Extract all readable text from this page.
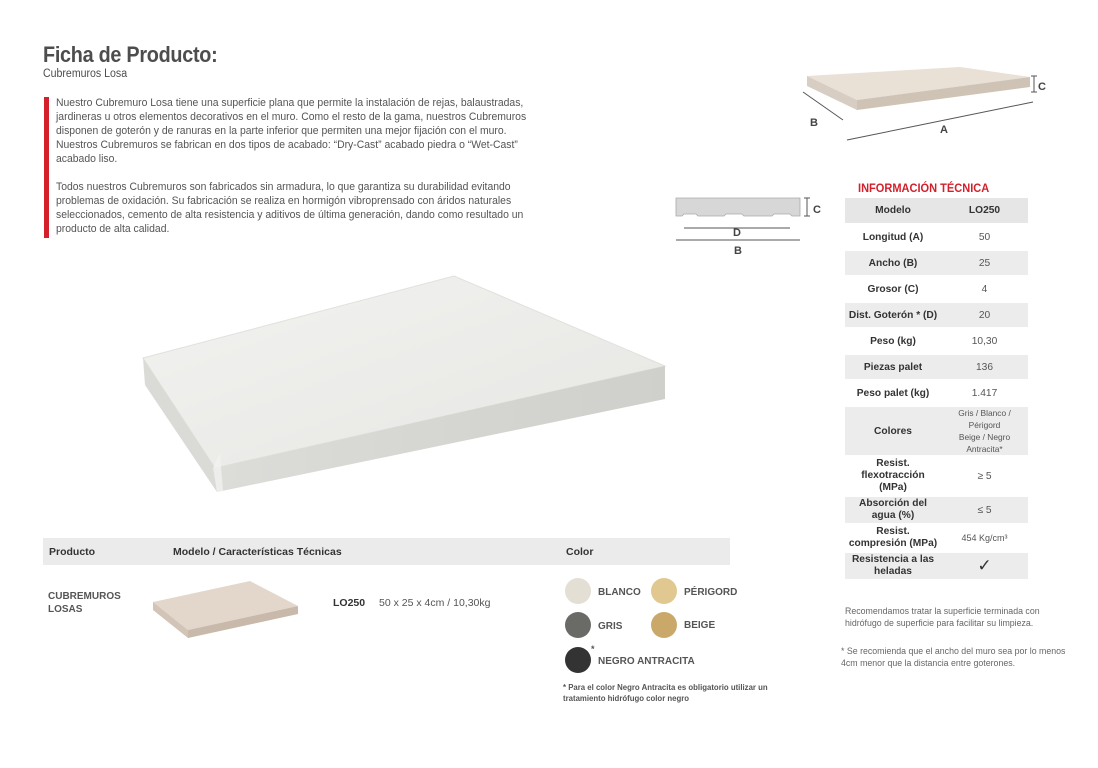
Ficha de Producto:
Cubremuros Losa

Nuestro Cubremuro Losa tiene una superficie plana que permite la instalación de rejas, balaustradas, jardineras u otros elementos decorativos en el muro. Como el resto de la gama, nuestros Cubremuros disponen de goterón y de ranuras en la parte inferior que permiten una mejor fijación con el muro. Nuestros Cubremuros se fabrican en dos tipos de acabado: “Dry-Cast” acabado piedra o “Wet-Cast” acabado liso.

Todos nuestros Cubremuros son fabricados sin armadura, lo que garantiza su durabilidad evitando problemas de oxidación. Su fabricación se realiza en hormigón vibroprensado con áridos naturales seleccionados, cemento de alta resistencia y aditivos de última generación, dando como resultado un producto de alta calidad.

B
A
C
C
D
B
INFORMACIÓN TÉCNICA
Modelo	LO250
Longitud (A)	50
Ancho (B)	25
Grosor (C)	4
Dist. Goterón * (D)	20
Peso (kg)	10,30
Piezas palet	136
Peso palet (kg)	1.417
Colores	Gris / Blanco / Périgord
Beige / Negro Antracita*

Resist. flexotracción (MPa)	≥ 5
Absorción del agua (%)	≤ 5
Resist. compresión (MPa)	454 Kg/cm³
Resistencia a las heladas	✓
Recomendamos tratar la superficie terminada con hidrófugo de superficie para facilitar su limpieza.
* Se recomienda que el ancho del muro sea por lo menos 4cm menor que la distancia entre goterones.
Producto	Modelo / Características Técnicas	Color
CUBREMUROS LOSAS
LO250 50 x 25 x 4cm / 10,30kg
BLANCO	PÉRIGORD
GRIS	BEIGE
*
NEGRO ANTRACITA
* Para el color Negro Antracita es obligatorio utilizar un tratamiento hidrófugo color negro
